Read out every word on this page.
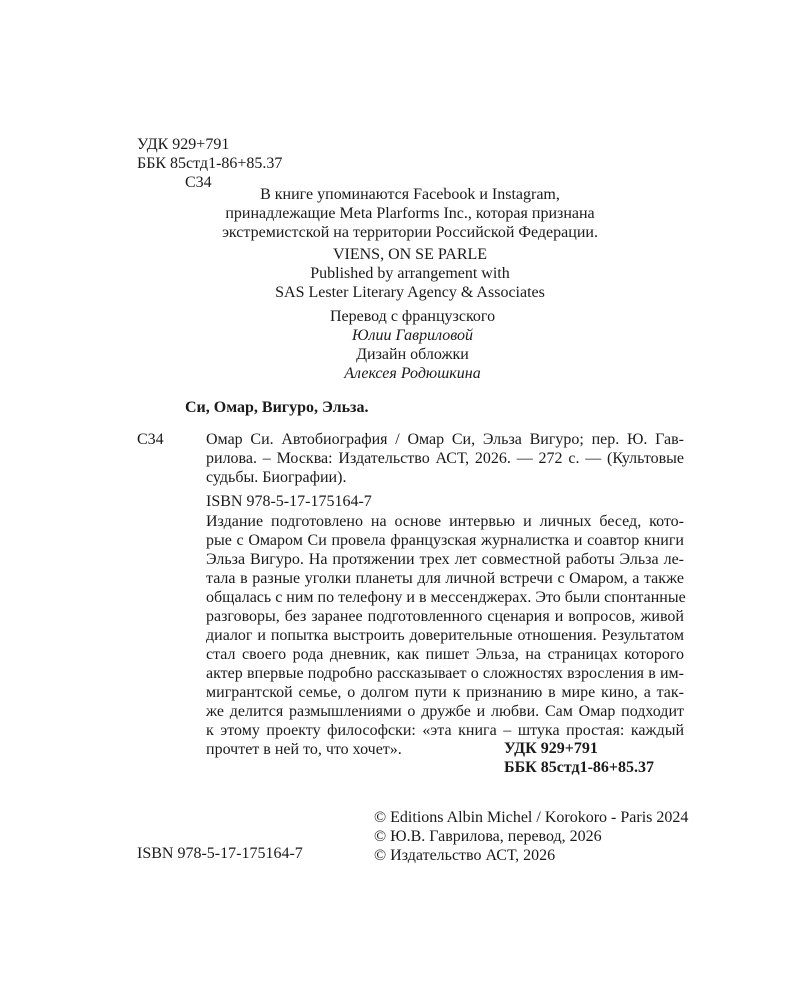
УДК 929+791
ББК 85стд1-86+85.37
С34
В книге упоминаются Facebook и Instagram,
принадлежащие Meta Plarforms Inc., которая признана
экстремистской на территории Российской Федерации.
VIENS, ON SE PARLE
Published by arrangement with
SAS Lester Literary Agency & Associates
Перевод с французского
Юлии Гавриловой
Дизайн обложки
Алексея Родюшкина
Си, Омар, Вигуро, Эльза.
С34	Омар Си. Автобиография / Омар Си, Эльза Вигуро; пер. Ю. Гав-
рилова. – Москва: Издательство АСТ, 2026. — 272 с. — (Культовые
судьбы. Биографии).
ISBN 978-5-17-175164-7
Издание подготовлено на основе интервью и личных бесед, кото-
рые с Омаром Си провела французская журналистка и соавтор книги
Эльза Вигуро. На протяжении трех лет совместной работы Эльза ле-
тала в разные уголки планеты для личной встречи с Омаром, а также
общалась с ним по телефону и в мессенджерах. Это были спонтанные
разговоры, без заранее подготовленного сценария и вопросов, живой
диалог и попытка выстроить доверительные отношения. Результатом
стал своего рода дневник, как пишет Эльза, на страницах которого
актер впервые подробно рассказывает о сложностях взросления в им-
мигрантской семье, о долгом пути к признанию в мире кино, а так-
же делится размышлениями о дружбе и любви. Сам Омар подходит
к этому проекту философски: «эта книга – штука простая: каждый
прочтет в ней то, что хочет».	УДК 929+791
ББК 85стд1-86+85.37
© Editions Albin Michel / Korokoro - Paris 2024
© Ю.В. Гаврилова, перевод, 2026
© Издательство АСТ, 2026
ISBN 978-5-17-175164-7
